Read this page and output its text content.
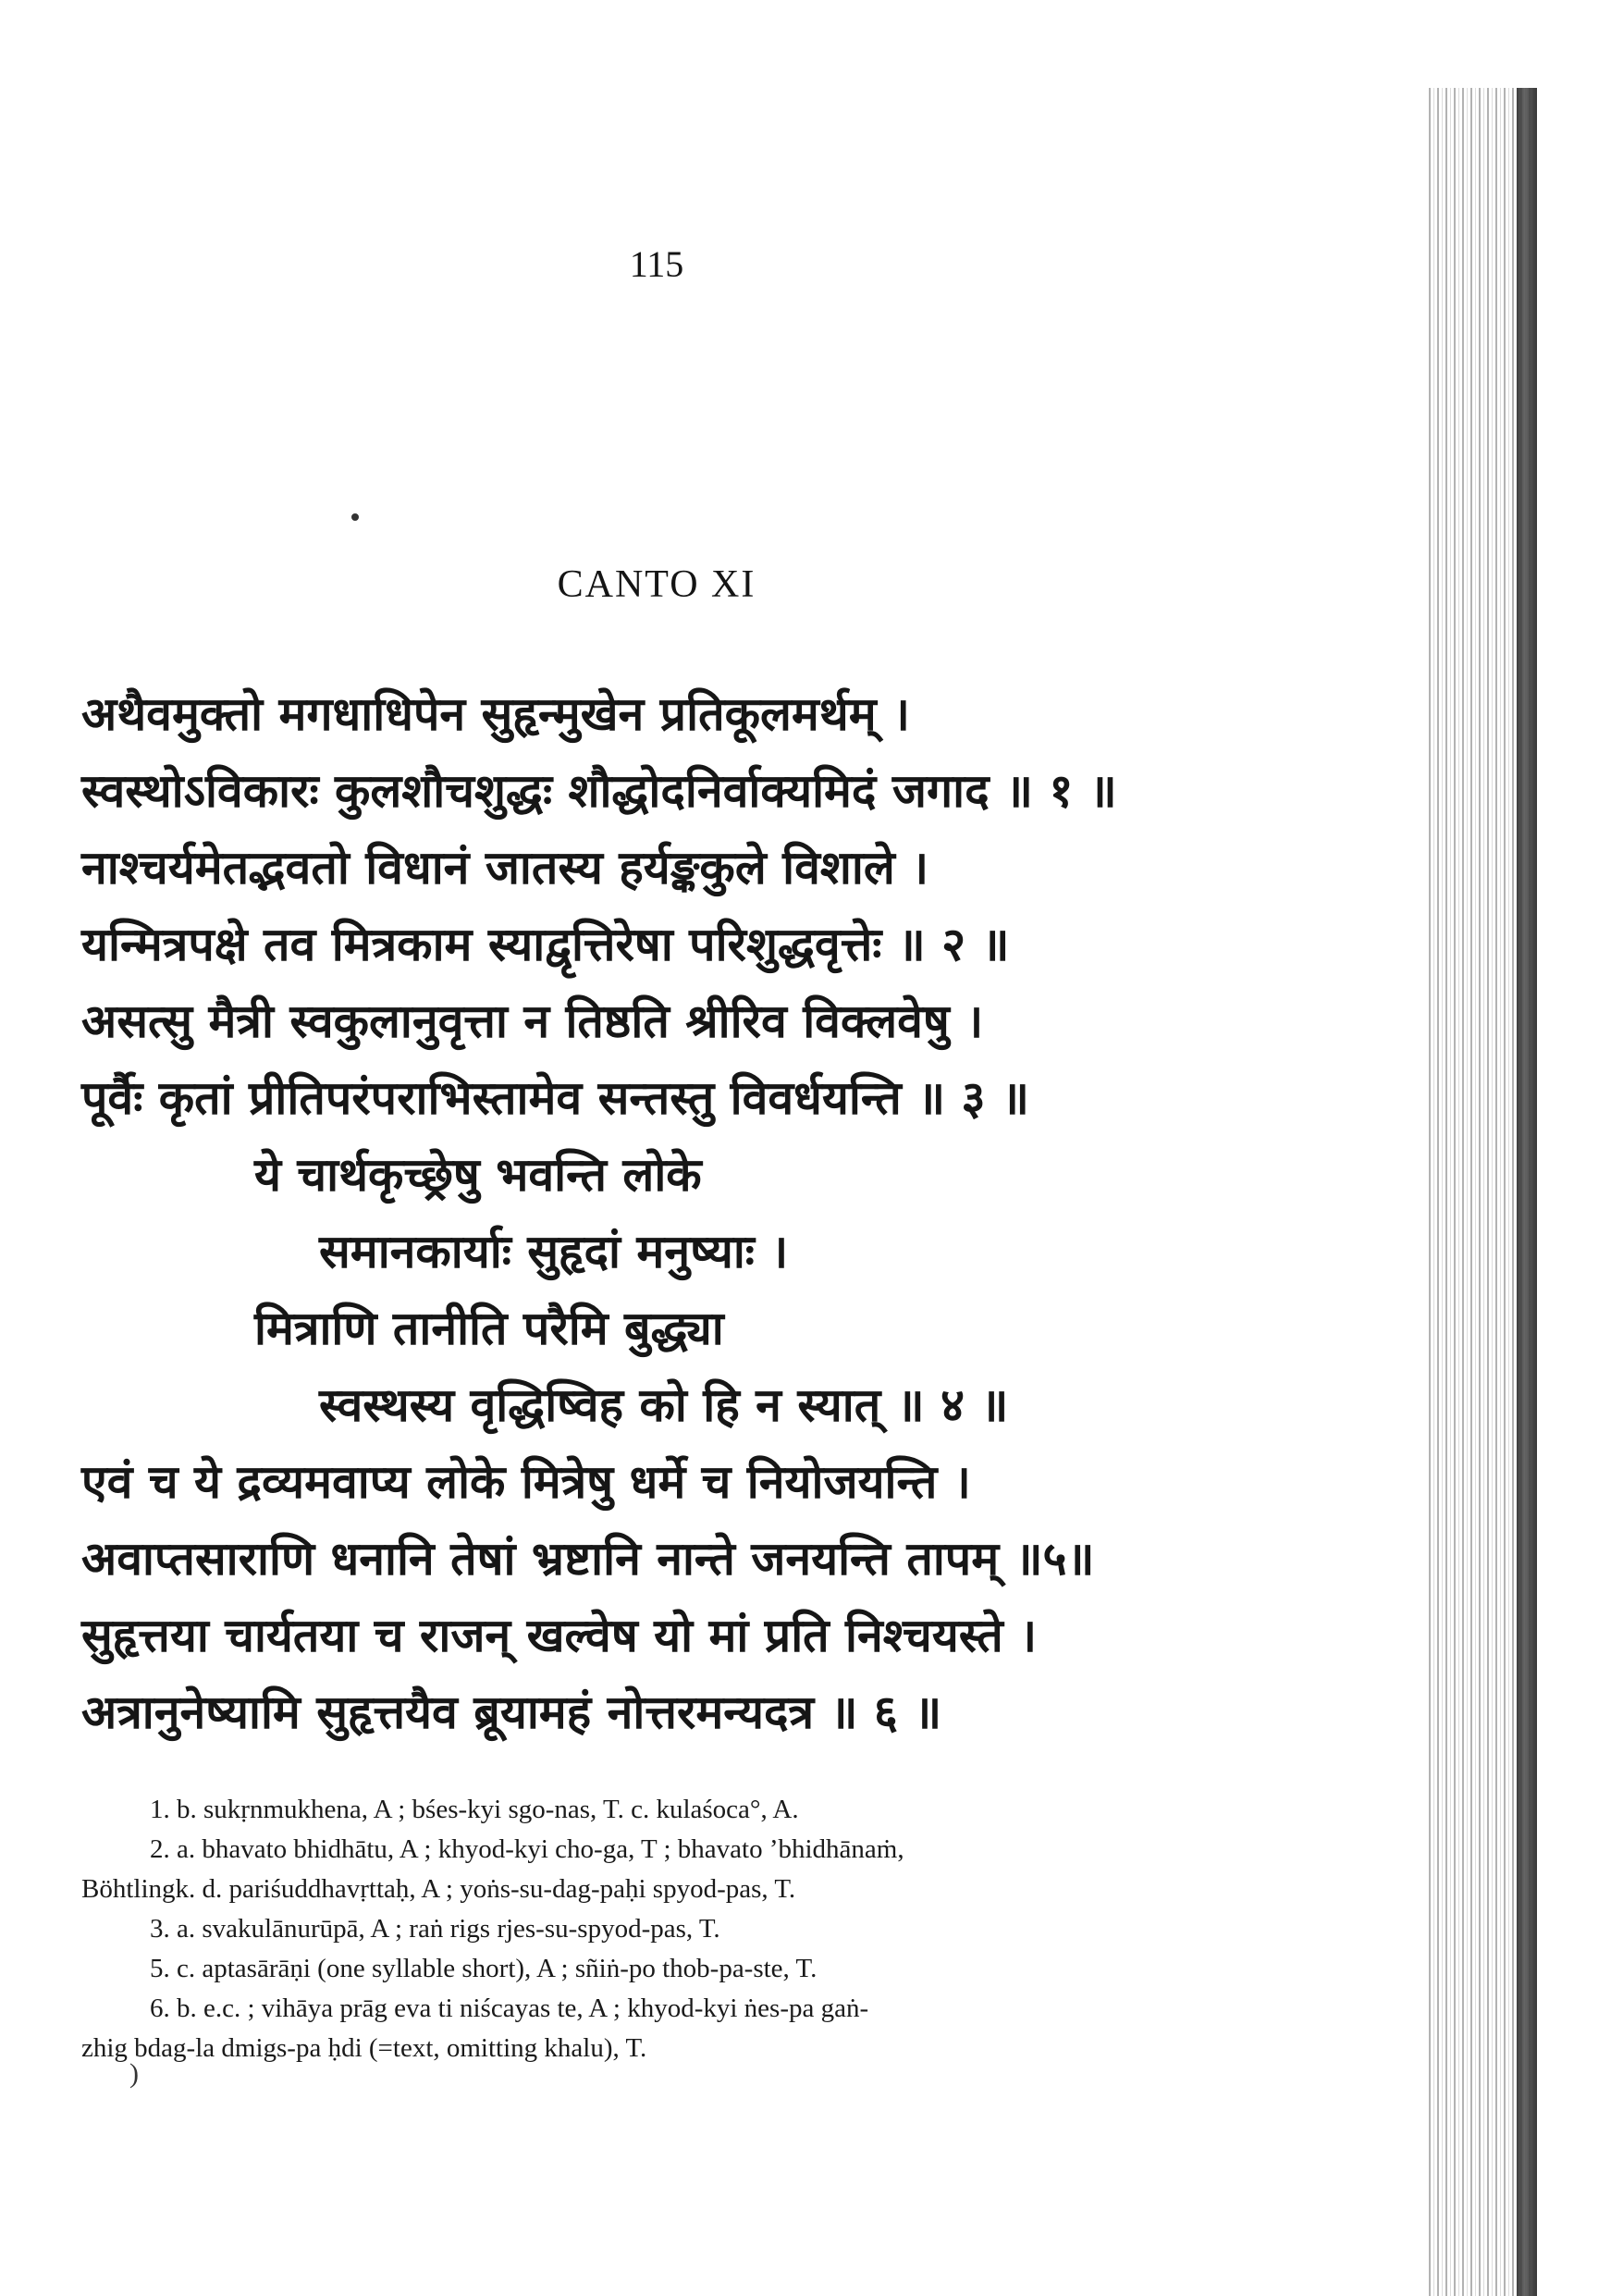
115
CANTO XI
अथैवमुक्तो मगधाधिपेन सुहृन्मुखेन प्रतिकूलमर्थम् ।
स्वस्थोऽविकारः कुलशौचशुद्धः शौद्धोदनिर्वाक्यमिदं जगाद ॥ १ ॥
नाश्चर्यमेतद्भवतो विधानं जातस्य हर्यङ्ककुले विशाले ।
यन्मित्रपक्षे तव मित्रकाम स्याद्वृत्तिरेषा परिशुद्धवृत्तेः ॥ २ ॥
असत्सु मैत्री स्वकुलानुवृत्ता न तिष्ठति श्रीरिव विक्लवेषु ।
पूर्वैः कृतां प्रीतिपरंपराभिस्तामेव सन्तस्तु विवर्धयन्ति ॥ ३ ॥
ये चार्थकृच्छ्रेषु भवन्ति लोके
समानकार्याः सुहृदां मनुष्याः ।
मित्राणि तानीति परैमि बुद्ध्या
स्वस्थस्य वृद्धिष्विह को हि न स्यात् ॥ ४ ॥
एवं च ये द्रव्यमवाप्य लोके मित्रेषु धर्मे च नियोजयन्ति ।
अवाप्तसाराणि धनानि तेषां भ्रष्टानि नान्ते जनयन्ति तापम् ॥५॥
सुहृत्तया चार्यतया च राजन् खल्वेष यो मां प्रति निश्चयस्ते ।
अत्रानुनेष्यामि सुहृत्तयैव ब्रूयामहं नोत्तरमन्यदत्र ॥ ६ ॥
1. b. sukṛnmukhena, A ; bśes-kyi sgo-nas, T. c. kulaśoca°, A.
2. a. bhavato bhidhātu, A ; khyod-kyi cho-ga, T ; bhavato ’bhidhānaṁ,
Böhtlingk. d. pariśuddhavṛttaḥ, A ; yoṅs-su-dag-paḥi spyod-pas, T.
3. a. svakulānurūpā, A ; raṅ rigs rjes-su-spyod-pas, T.
5. c. aptasārāṇi (one syllable short), A ; sñiṅ-po thob-pa-ste, T.
6. b. e.c. ; vihāya prāg eva ti niścayas te, A ; khyod-kyi ṅes-pa gaṅ-
zhig bdag-la dmigs-pa ḥdi (=text, omitting khalu), T.
)
